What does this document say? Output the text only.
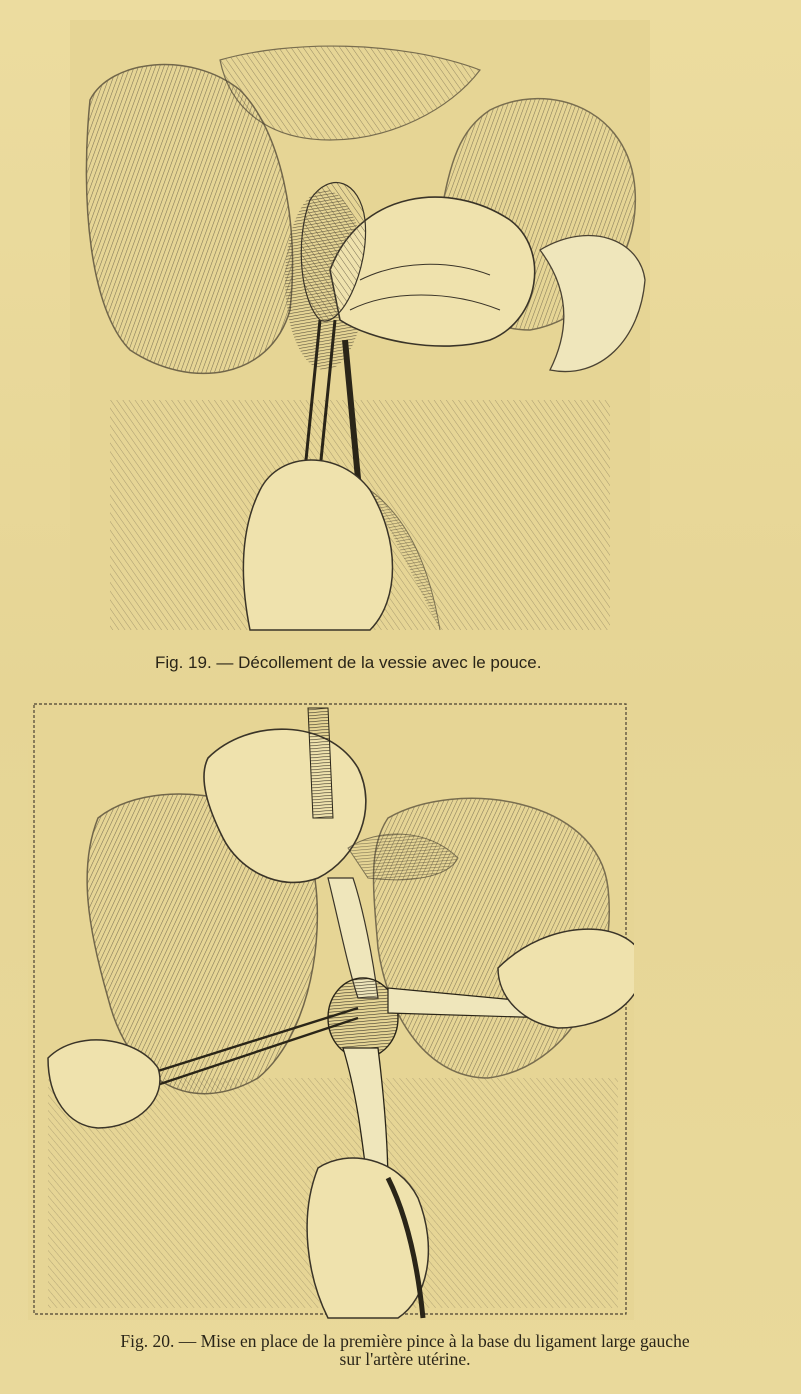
Fig. 19. — Décollement de la vessie avec le pouce.
Fig. 20. — Mise en place de la première pince à la base du ligament large gauche
sur l'artère utérine.
